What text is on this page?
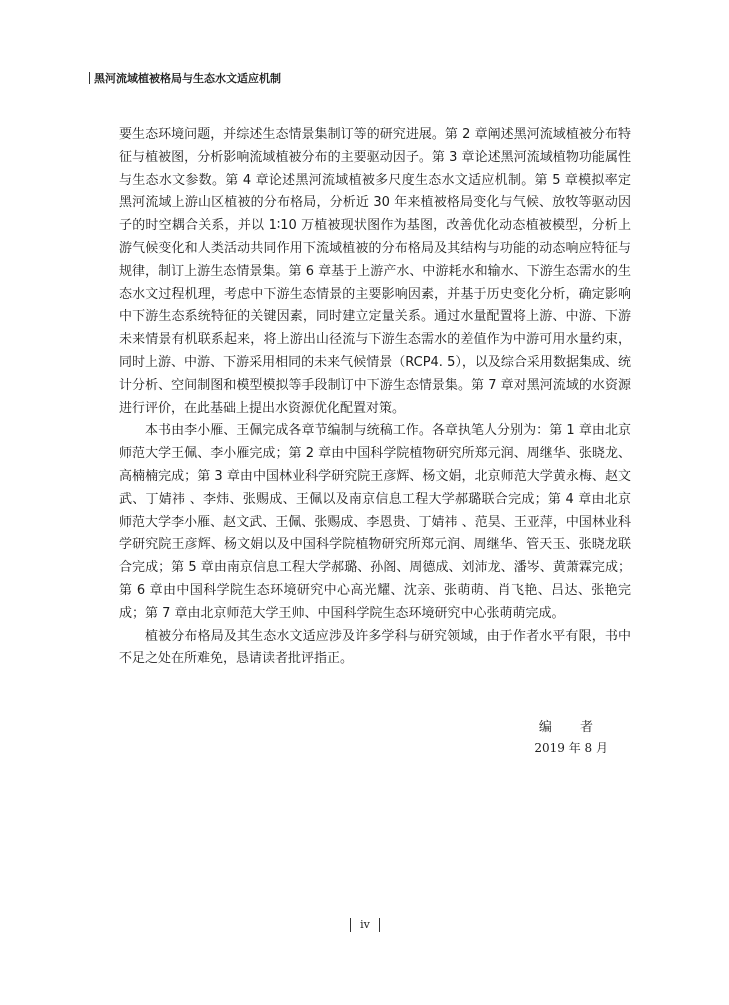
黑河流域植被格局与生态水文适应机制

要生态环境问题，并综述生态情景集制订等的研究进展。第 2 章阐述黑河流域植被分布特征与植被图，分析影响流域植被分布的主要驱动因子。第 3 章论述黑河流域植物功能属性与生态水文参数。第 4 章论述黑河流域植被多尺度生态水文适应机制。第 5 章模拟率定黑河流域上游山区植被的分布格局，分析近 30 年来植被格局变化与气候、放牧等驱动因子的时空耦合关系，并以 1∶10 万植被现状图作为基图，改善优化动态植被模型，分析上游气候变化和人类活动共同作用下流域植被的分布格局及其结构与功能的动态响应特征与规律，制订上游生态情景集。第 6 章基于上游产水、中游耗水和输水、下游生态需水的生态水文过程机理，考虑中下游生态情景的主要影响因素，并基于历史变化分析，确定影响中下游生态系统特征的关键因素，同时建立定量关系。通过水量配置将上游、中游、下游未来情景有机联系起来，将上游出山径流与下游生态需水的差值作为中游可用水量约束，同时上游、中游、下游采用相同的未来气候情景（RCP4. 5），以及综合采用数据集成、统计分析、空间制图和模型模拟等手段制订中下游生态情景集。第 7 章对黑河流域的水资源进行评价，在此基础上提出水资源优化配置对策。

本书由李小雁、王佩完成各章节编制与统稿工作。各章执笔人分别为：第 1 章由北京师范大学王佩、李小雁完成；第 2 章由中国科学院植物研究所郑元润、周继华、张晓龙、高楠楠完成；第 3 章由中国林业科学研究院王彦辉、杨文娟，北京师范大学黄永梅、赵文武、丁婧祎 、李炜、张赐成、王佩以及南京信息工程大学郝璐联合完成；第 4 章由北京师范大学李小雁、赵文武、王佩、张赐成、李恩贵、丁婧祎 、范昊、王亚萍，中国林业科学研究院王彦辉、杨文娟以及中国科学院植物研究所郑元润、周继华、管天玉、张晓龙联合完成；第 5 章由南京信息工程大学郝璐、孙阁、周德成、刘沛龙、潘岑、黄萧霖完成；第 6 章由中国科学院生态环境研究中心高光耀、沈亲、张萌萌、肖飞艳、吕达、张艳完成；第 7 章由北京师范大学王帅、中国科学院生态环境研究中心张萌萌完成。

植被分布格局及其生态水文适应涉及许多学科与研究领域，由于作者水平有限，书中不足之处在所难免，恳请读者批评指正。

编 者
2019 年 8 月
iv
